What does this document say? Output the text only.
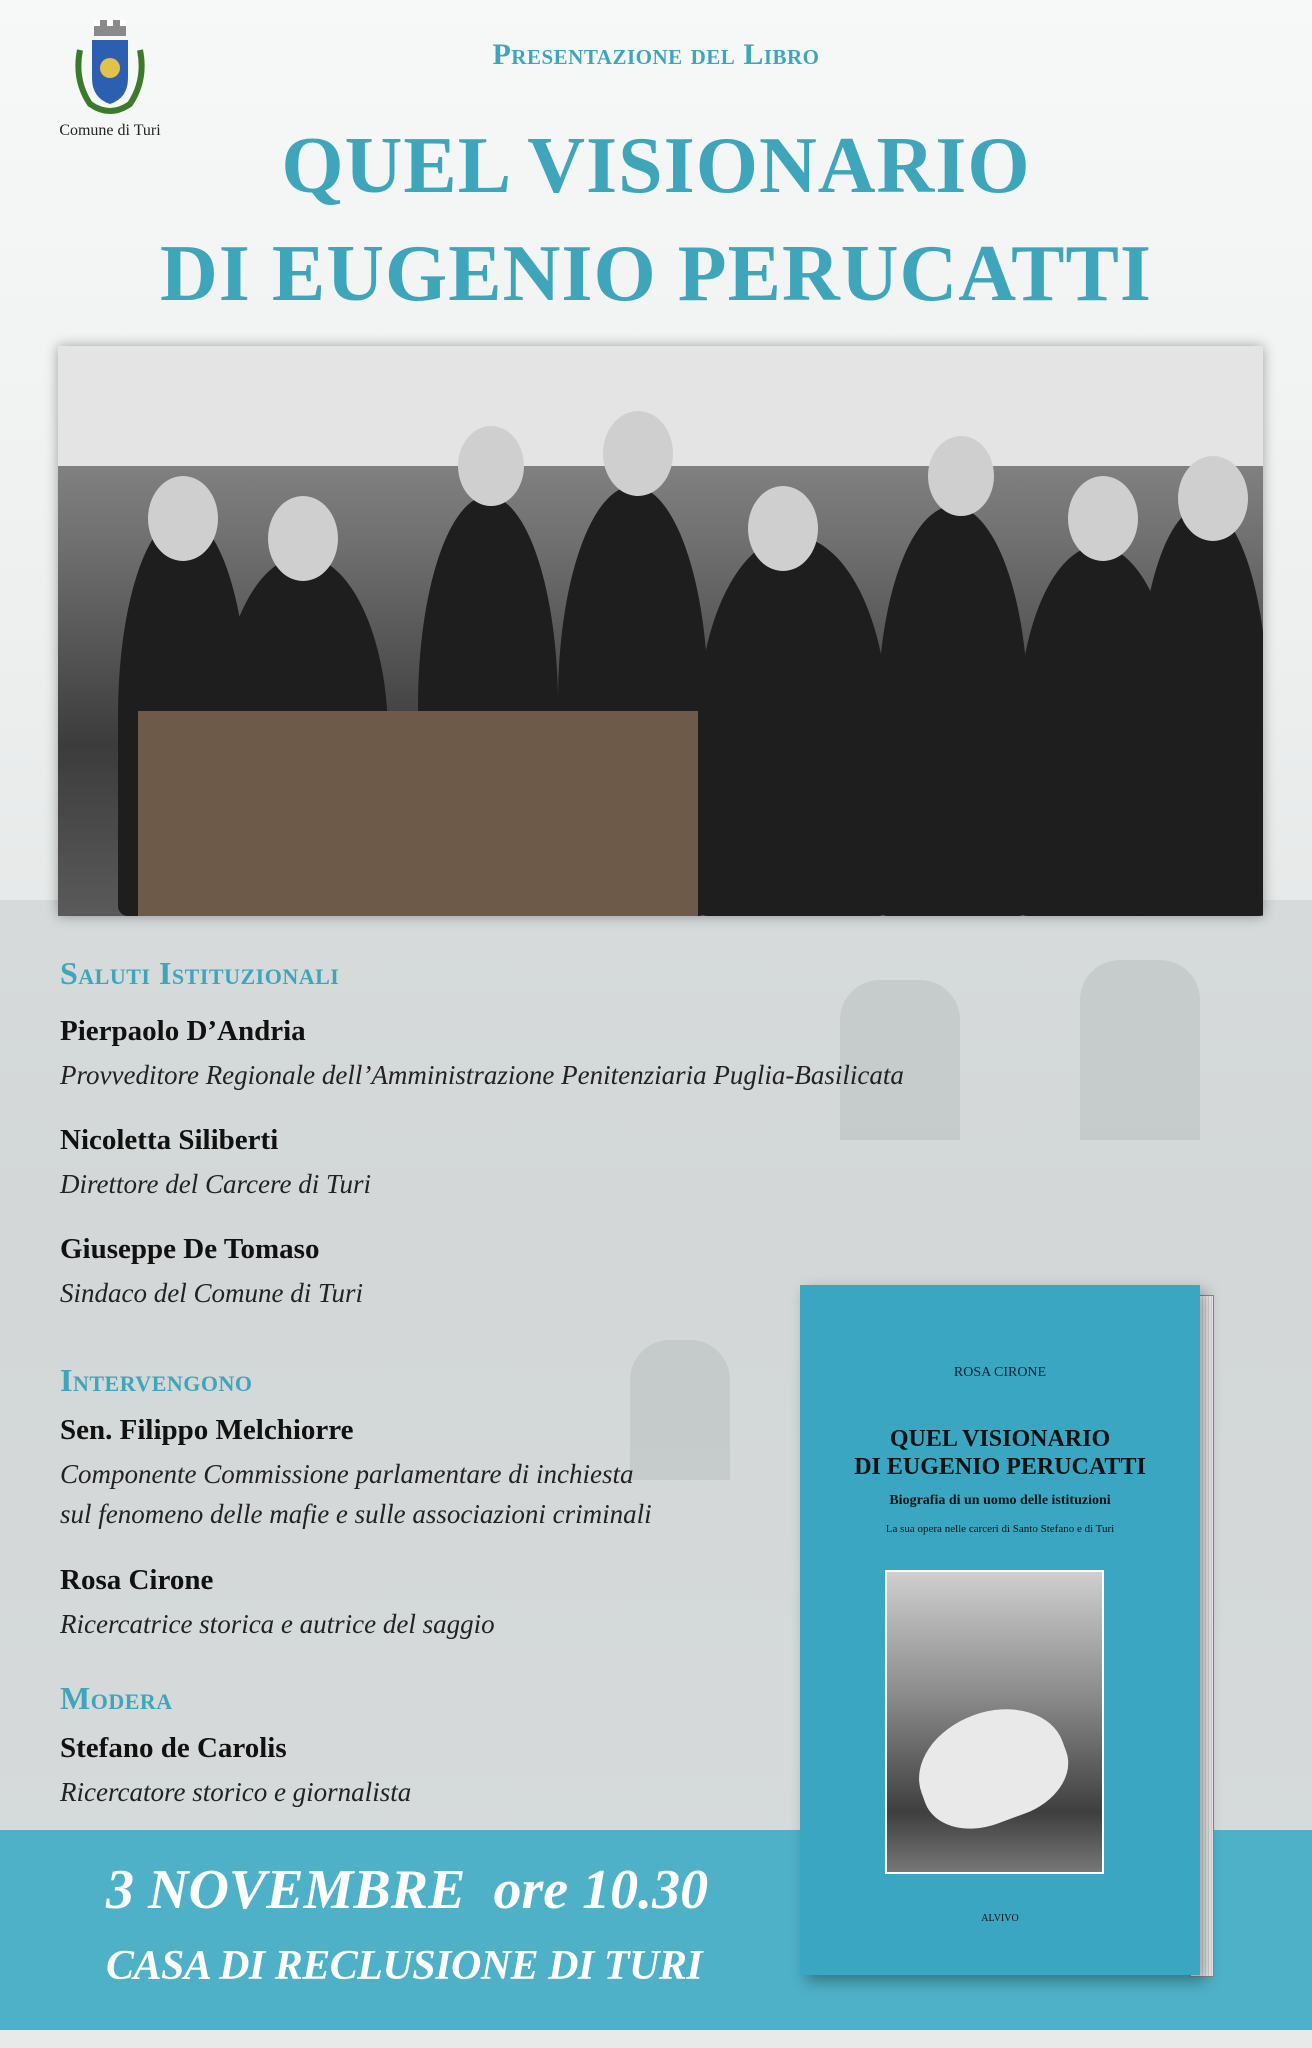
Comune di Turi
Presentazione del Libro
QUEL VISIONARIO
DI EUGENIO PERUCATTI
Saluti Istituzionali
Pierpaolo D’Andria
Provveditore Regionale dell’Amministrazione Penitenziaria Puglia-Basilicata
Nicoletta Siliberti
Direttore del Carcere di Turi
Giuseppe De Tomaso
Sindaco del Comune di Turi
Intervengono
Sen. Filippo Melchiorre
Componente Commissione parlamentare di inchiesta
sul fenomeno delle mafie e sulle associazioni criminali
Rosa Cirone
Ricercatrice storica e autrice del saggio
Modera
Stefano de Carolis
Ricercatore storico e giornalista
3 NOVEMBRE ore 10.30
CASA DI RECLUSIONE DI TURI
ROSA CIRONE
QUEL VISIONARIO
DI EUGENIO PERUCATTI
Biografia di un uomo delle istituzioni
La sua opera nelle carceri di Santo Stefano e di Turi
ALVIVO
